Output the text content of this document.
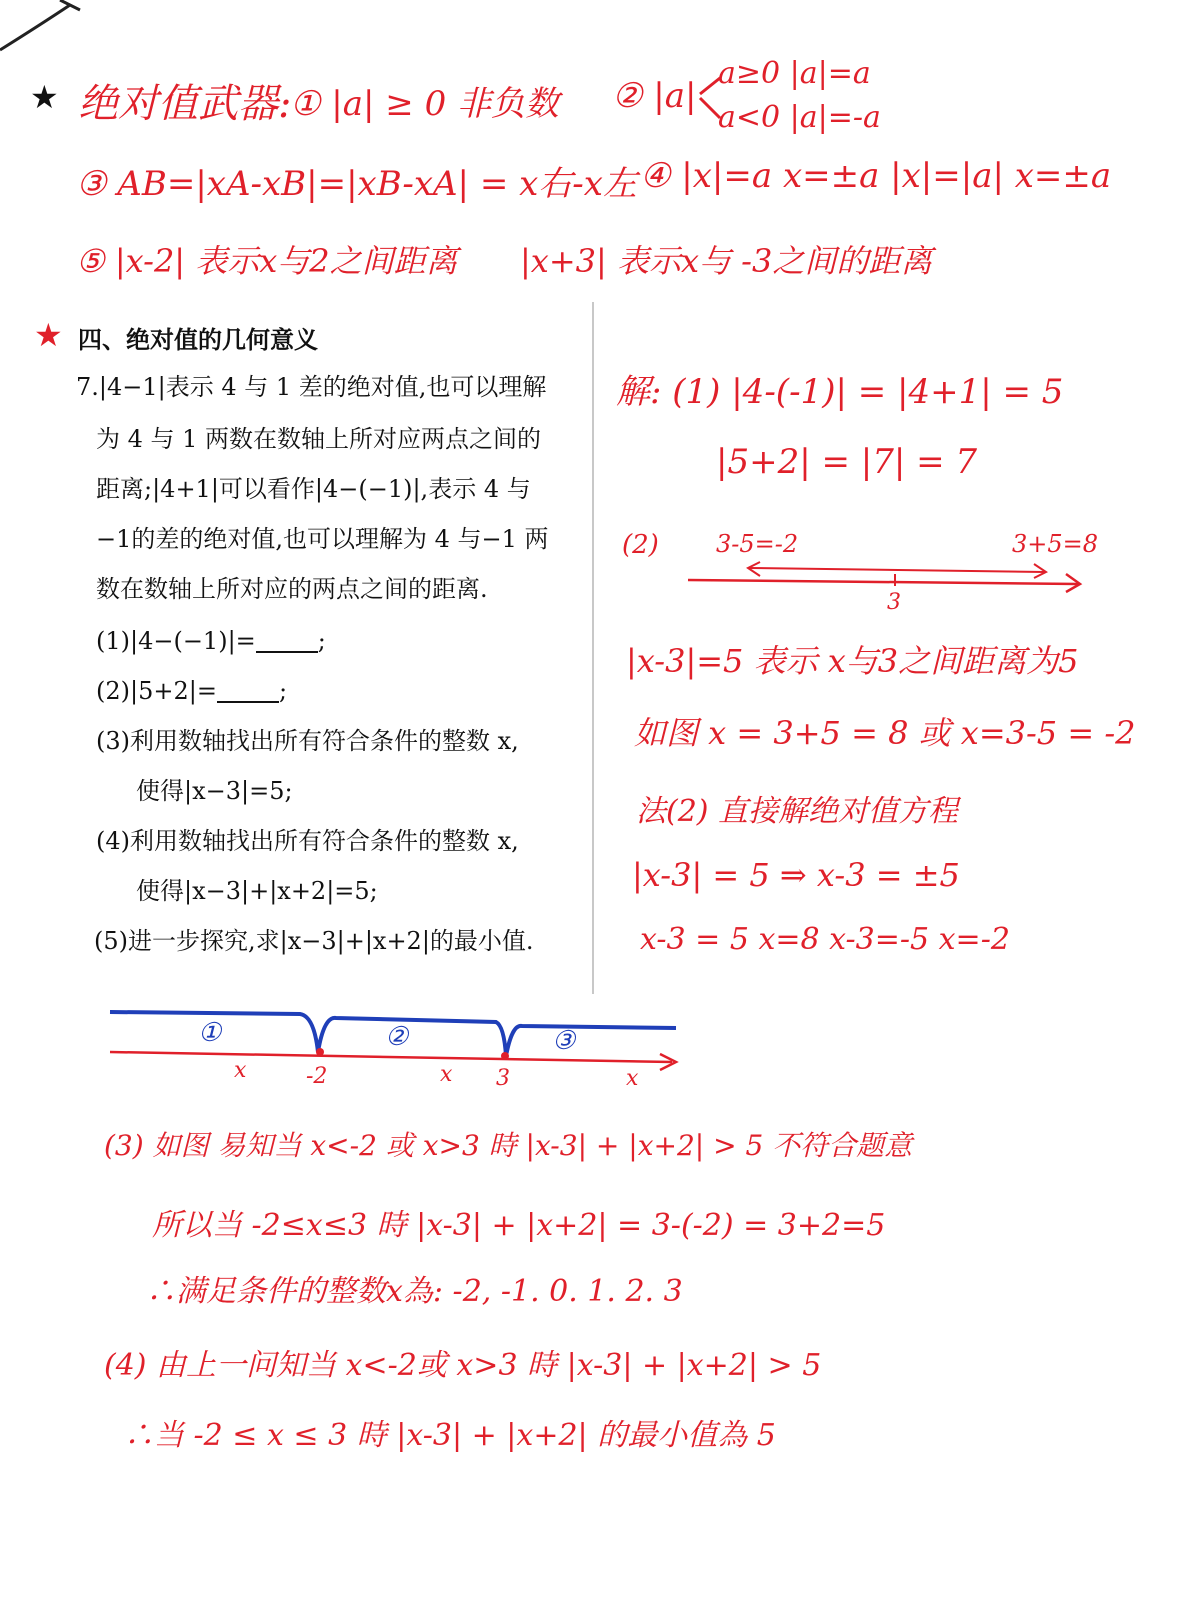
★ 绝对值武器:
① |a| ≥ 0 非负数 ② |a|
a≥0 |a|=a
a<0 |a|=-a
③ AB=|xA-xB|=|xB-xA| = x右-x左 ④ |x|=a x=±a |x|=|a| x=±a
⑤ |x-2| 表示x与2之间距离 |x+3| 表示x与 -3之间的距离
★ 四、绝对值的几何意义
7.|4−1|表示 4 与 1 差的绝对值,也可以理解
为 4 与 1 两数在数轴上所对应两点之间的
距离;|4+1|可以看作|4−(−1)|,表示 4 与
−1的差的绝对值,也可以理解为 4 与−1 两
数在数轴上所对应的两点之间的距离.
(1)|4−(−1)|=	;
(2)|5+2|=	;
(3)利用数轴找出所有符合条件的整数 x,
使得|x−3|=5;
(4)利用数轴找出所有符合条件的整数 x,
使得|x−3|+|x+2|=5;
(5)进一步探究,求|x−3|+|x+2|的最小值.
解: (1) |4-(-1)| = |4+1| = 5
|5+2| = |7| = 7
(2) 3-5=-2	3+5=8
3
|x-3|=5 表示 x与3之间距离为5
如图 x = 3+5 = 8 或 x=3-5 = -2
法(2) 直接解绝对值方程
|x-3| = 5 ⇒ x-3 = ±5
x-3 = 5 x=8 x-3=-5 x=-2
①	②	③
x	-2	x 3	x
(3) 如图 易知当 x<-2 或 x>3 時 |x-3| + |x+2| > 5 不符合题意
所以当 -2≤x≤3 時 |x-3| + |x+2| = 3-(-2) = 3+2=5
∴满足条件的整数x為: -2, -1. 0. 1. 2. 3
(4) 由上一问知当 x<-2或 x>3 時 |x-3| + |x+2| > 5
∴当 -2 ≤ x ≤ 3 時 |x-3| + |x+2| 的最小值為 5
